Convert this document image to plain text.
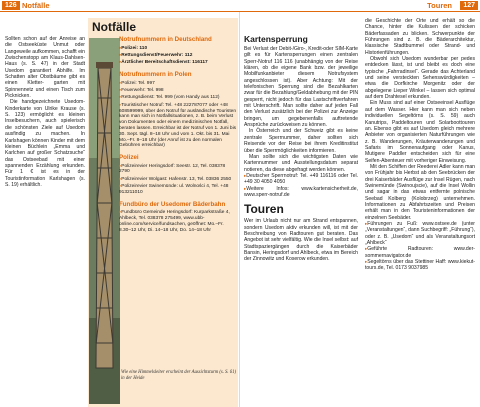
126 Notfälle	Touren	127

Sollten schon auf der Anreise an die Ostseeküste Unmut oder Langeweile aufkommen, schafft ein Zwischenstopp am Klaus-Dahlsen-Haus (s. S. 47) in der Stadt Usedom garantiert Abhilfe. Im Schatten alter Obstbäume gibt es einen Kletter- garten mit Spinnennetz und einen Tisch zum Picknicken.

Die handgezeichnete Usedom-Kinderkarte von Ulrike Krause (s. S. 123) ermöglicht es kleinen Inselbesuchern, auch spielerisch die schönsten Ziele auf Usedom ausfindig zu machen. In Karlshagen können Kinder mit dem kleinen Büchlein „Emma und Karlchen auf großer Schatzsuche“ das Ostseebad mit einer spannenden Erzählung erkunden. Für 1 € ist es in der Touristinformation Karlshagen (s. S. 19) erhältlich.

Notfälle
Notrufnummern in Deutschland
▸ Polizei: 110
▸ Rettungsdienst/Feuerwehr: 112
▸ Ärztlicher Bereitschaftsdienst: 116117
Notrufnummern in Polen
▸ Polizei: Tel. 997
▸ Feuerwehr: Tel. 998
▸ Rettungsdienst: Tel. 999 (vom Handy aus 112)
▸ Touristischer Notruf: Tel. +48 222787077 oder +48 608599999, über den Notruf für ausländische Touristen kann man sich in Notfallsituationen, z. B. beim Verlust von Dokumenten oder einem medizinischen Notfall, beraten lassen. Erreichbar ist der Notruf von 1. Juni bis 30. Sept. tägl. 8–18 Uhr und vom 1. Okt. bis 31. Mai Mo.–Fr. 8–18 Uhr (der Anruf ist zu den normalen Gebühren erreichbar)
Polizei
▸ Polizeirevier Heringsdorf: Seestr. 12, Tel. 038378 2790
▸ Polizeirevier Wolgast: Hafenstr. 13, Tel. 03836 2550
▸ Polizeirevier Swinemünde: ul. Wolności 4, Tel. +48 913211010
Fundbüro der Usedomer Bäderbahn
▸ Fundbüro Gemeinde Heringsdorf: Kurparkstraße 4, Ahlbeck, Tel. 038378 275499, www.ubb-online.com/service/fundsachen, geöffnet: Mo.–Fr. 8.30–12 Uhr, Di. 14–18 Uhr, Do. 14–18 Uhr
Wie eine Himmelsleiter erscheint der Aussichtsturm (s. S. 61) in der Heide
Kartensperrung

Bei Verlust der Debit-/Giro-, Kredit-oder SIM-Karte gilt es für Kartensperrungen einen zentralen Sperr-Notruf 116 116 (unabhängig von der Reise klären, ob die eigene Bank bzw. der jeweilige Mobilfunkanbieter diesem Notrufsystem angeschlossen ist). Aber Achtung: Mit der telefonischen Sperrung sind die Bezahlkarten zwar für die Bezahlung/Geldabhebung mit der PIN gesperrt, nicht jedoch für das Lastschriftverfahren mit Unterschrift. Man sollte daher auf jeden Fall den Verlust zusätzlich bei der Polizei zur Anzeige bringen, um gegebenenfalls auftretende Ansprüche zurückweisen zu können.

In Österreich und der Schweiz gibt es keine zentrale Sperrnummer, daher sollten sich Reisende vor der Reise bei ihrem Kreditinstitut über die Sperrmöglichkeiten informieren.

Man sollte sich die wichtigsten Daten wie Kartennummer und Ausstellungsdatum separat notieren, da diese abgefragt werden können.

▸ Deutscher Sperrnotruf: Tel. +49 116116 oder Tel. +49 30 4050 4050

▸ Weitere Infos: www.kartensicherheit.de, www.sperr-notruf.de

Touren

Wer im Urlaub nicht nur am Strand entspannen, sondern Usedom aktiv erkunden will, ist mit der Beschreibung von Radtouren gut beraten. Das Angebot ist sehr vielfältig. Wie die Insel selbst: auf Stadtspaziergängen durch die Kaiserbäder Bansin, Heringsdorf und Ahlbeck, etwa im Bereich der Zinnowitz und Koserow erkunden.

die Geschichte der Orte und erhält so die Chance, hinter die Kulissen der schicken Bäderfassaden zu blicken. Schwerpunkte der Führungen sind z. B. die Bäderarchitektur, klassische Stadtbummel oder Strand- und Historienführungen.

Obwohl sich Usedom wunderbar per pedes entdecken lässt, ist und bleibt es doch eine typische „Fahrradinsel“. Gerade das Achterland und seine versteckten Sehenswürdigkeiten – etwa die Dorfkirche Morgenitz oder der abgelegene Lieper Winkel – lassen sich optimal auf dem Drahtesel erkunden.

Ein Muss sind auf einer Ostseeinsel Ausflüge auf dem Wasser. Hier kann man sich neben individuellen Segeltörns (s. S. 59) auch Kanutrips, Paddeltouren und Solarboottouren an. Ebenso gibt es auf Usedom gleich mehrere Anbieter von organisierten Naturführungen wie z. B. Wanderungen, Kräuterwanderungen und Safaris im Sonnenaufgang oder Kanus, Mutigere Paddler entscheiden sich für eine Seifen-Abenteuer mit vorheriger Einweisung.

Mit den Schiffen der Reederei Adler kann man von Frühjahr bis Herbst ab den Seebrücken der drei Kaiserbäder Ausflüge zur Insel Rügen, nach Swinemünde (Swinoujscie), auf die Insel Wollin und sagar in das etwas entfernte polnische Seebad Kolberg (Kolobrzeg) unternehmen. Informationen zu Abfahrtszeiten und Preisen erhält man in den Touristeninformationen der einzelnen Seebäder.

▸ Führungen zu Fuß: www.ostsee.de (unter „Veranstaltungen“, dann Suchbegriff: „Führung“), oder z. B. „Usedom“ und als Veranstaltungsort „Ahlbeck“

▸ Geführte Radtouren: www.der-sommernavigator.de

▸ Segeltörns über das Stettiner Haff: www.kiekut-tours.de, Tel. 0173 9037985
